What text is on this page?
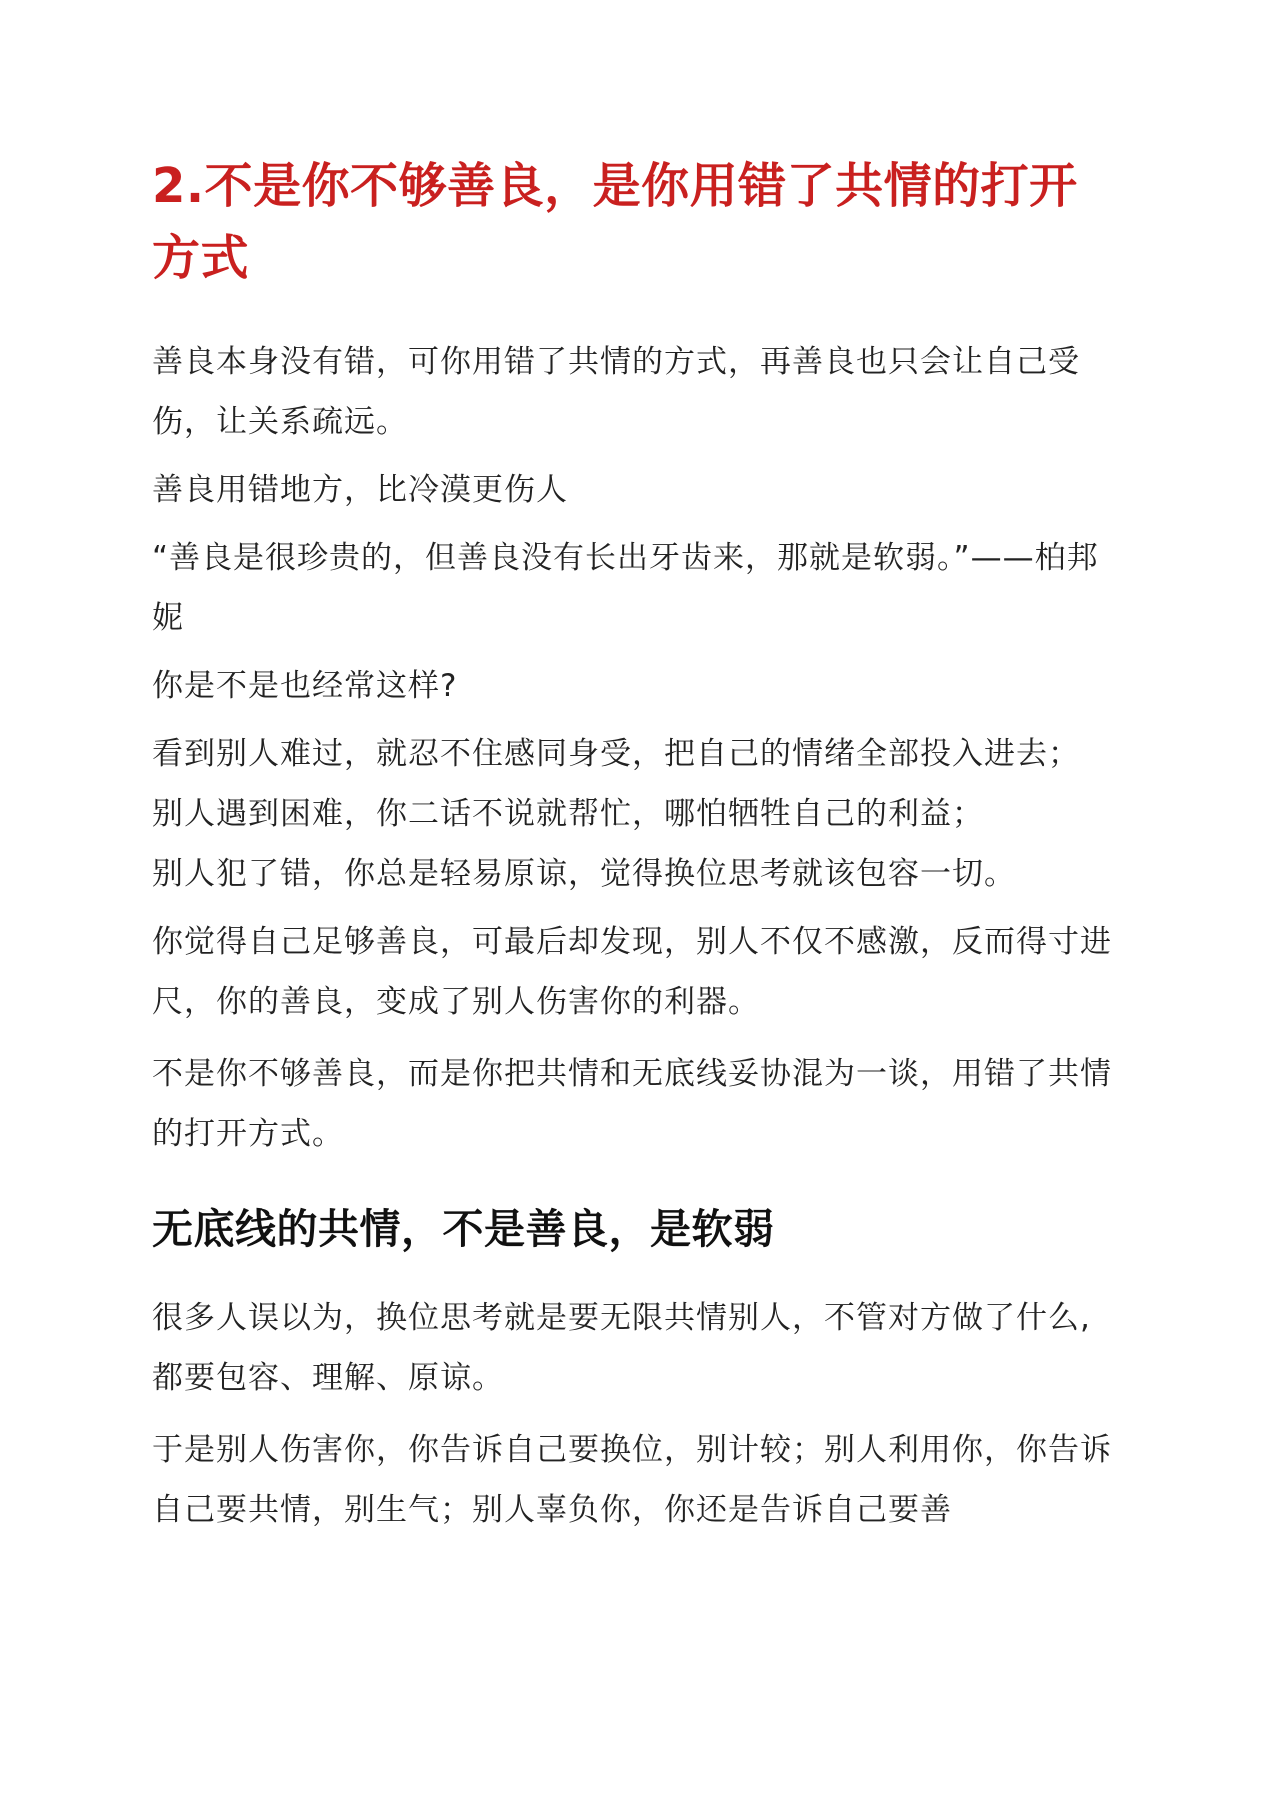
2.不是你不够善良，是你用错了共情的打开方式

善良本身没有错，可你用错了共情的方式，再善良也只会让自己受伤，让关系疏远。

善良用错地方，比冷漠更伤人

“善良是很珍贵的，但善良没有长出牙齿来，那就是软弱。”——柏邦妮

你是不是也经常这样?

看到别人难过，就忍不住感同身受，把自己的情绪全部投入进去；

别人遇到困难，你二话不说就帮忙，哪怕牺牲自己的利益；

别人犯了错，你总是轻易原谅，觉得换位思考就该包容一切。

你觉得自己足够善良，可最后却发现，别人不仅不感激，反而得寸进尺，你的善良，变成了别人伤害你的利器。

不是你不够善良，而是你把共情和无底线妥协混为一谈，用错了共情的打开方式。

无底线的共情，不是善良，是软弱

很多人误以为，换位思考就是要无限共情别人，不管对方做了什么,都要包容、理解、原谅。

于是别人伤害你，你告诉自己要换位，别计较；别人利用你，你告诉自己要共情，别生气；别人辜负你，你还是告诉自己要善
